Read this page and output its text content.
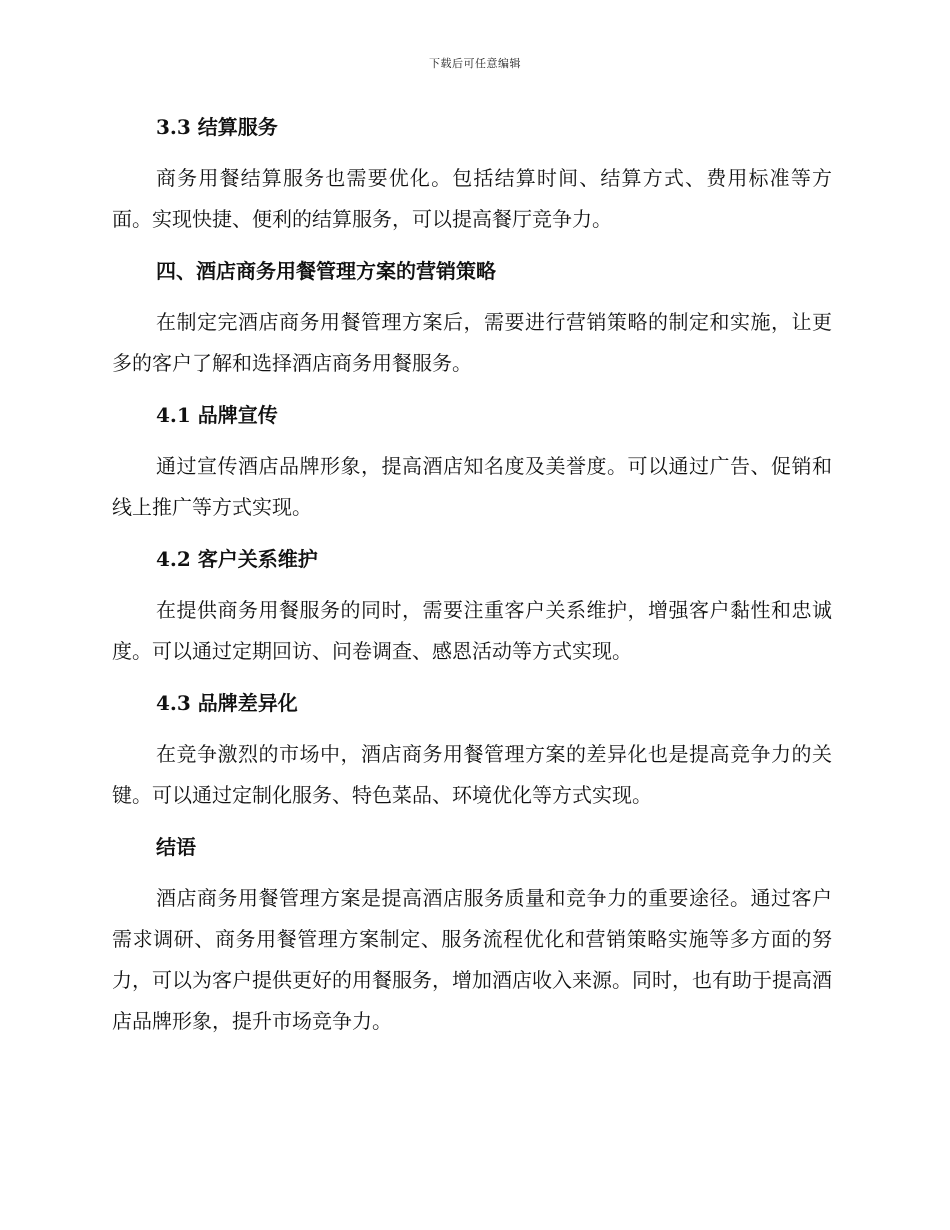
下载后可任意编辑
3.3 结算服务

商务用餐结算服务也需要优化。包括结算时间、结算方式、费用标准等方面。实现快捷、便利的结算服务，可以提高餐厅竞争力。

四、酒店商务用餐管理方案的营销策略

在制定完酒店商务用餐管理方案后，需要进行营销策略的制定和实施，让更多的客户了解和选择酒店商务用餐服务。

4.1 品牌宣传

通过宣传酒店品牌形象，提高酒店知名度及美誉度。可以通过广告、促销和线上推广等方式实现。

4.2 客户关系维护

在提供商务用餐服务的同时，需要注重客户关系维护，增强客户黏性和忠诚度。可以通过定期回访、问卷调查、感恩活动等方式实现。

4.3 品牌差异化

在竞争激烈的市场中，酒店商务用餐管理方案的差异化也是提高竞争力的关键。可以通过定制化服务、特色菜品、环境优化等方式实现。

结语

酒店商务用餐管理方案是提高酒店服务质量和竞争力的重要途径。通过客户需求调研、商务用餐管理方案制定、服务流程优化和营销策略实施等多方面的努力，可以为客户提供更好的用餐服务，增加酒店收入来源。同时，也有助于提高酒店品牌形象，提升市场竞争力。
